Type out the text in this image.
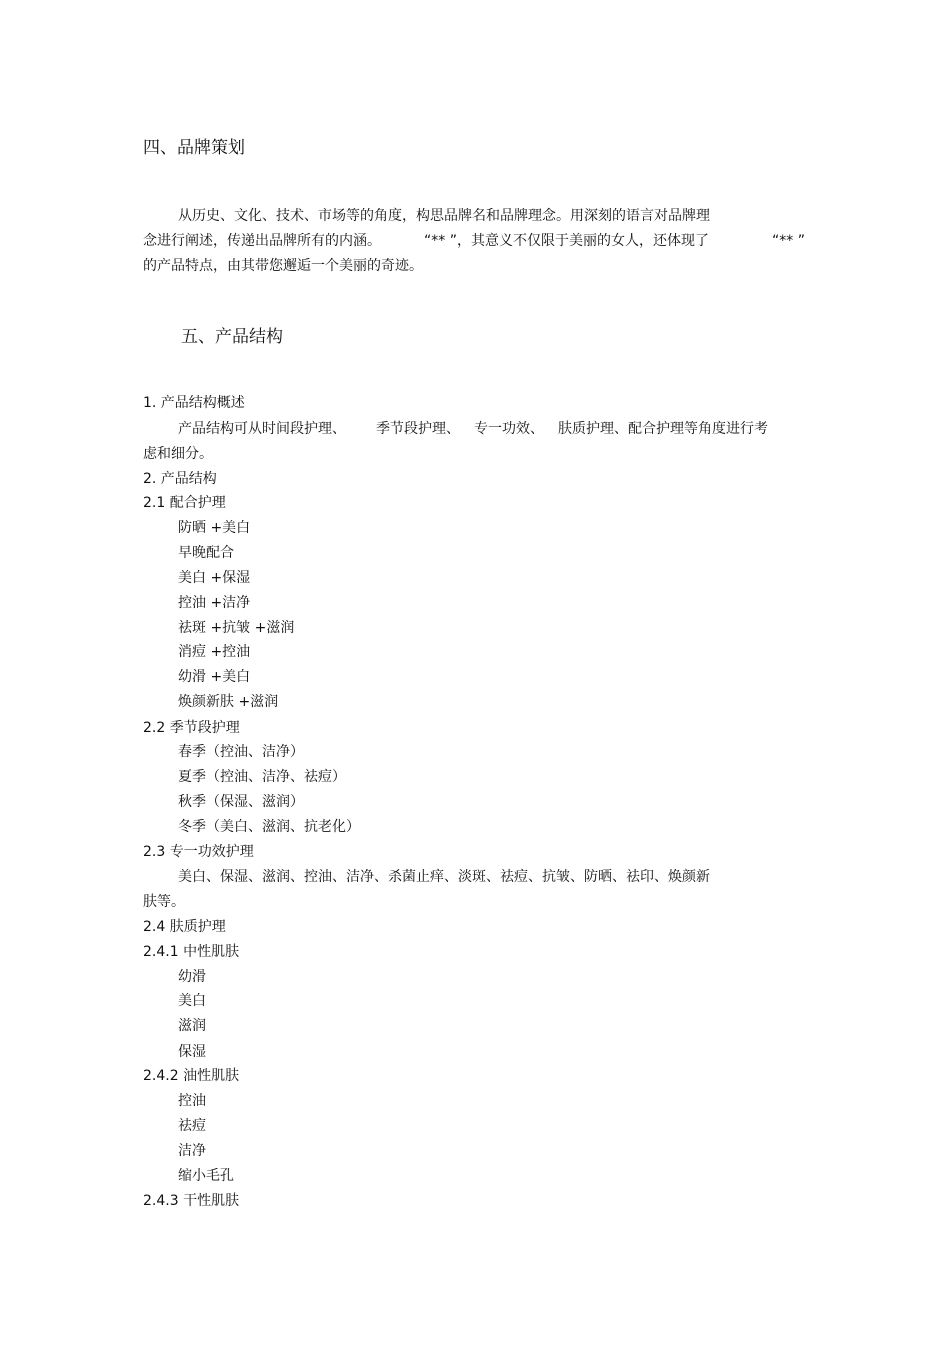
四、品牌策划
从历史、文化、技术、市场等的角度，构思品牌名和品牌理念。用深刻的语言对品牌理
念进行阐述，传递出品牌所有的内涵。	“** ”，其意义不仅限于美丽的女人，还体现了	“** ”
的产品特点，由其带您邂逅一个美丽的奇迹。
五、产品结构
1. 产品结构概述
产品结构可从时间段护理、 季节段护理、 专一功效、 肤质护理、配合护理等角度进行考
虑和细分。
2. 产品结构
2.1 配合护理
防晒 +美白
早晚配合
美白 +保湿
控油 +洁净
祛斑 +抗皱 +滋润
消痘 +控油
幼滑 +美白
焕颜新肤 +滋润
2.2 季节段护理
春季（控油、洁净）
夏季（控油、洁净、祛痘）
秋季（保湿、滋润）
冬季（美白、滋润、抗老化）
2.3 专一功效护理
美白、保湿、滋润、控油、洁净、杀菌止痒、淡斑、祛痘、抗皱、防晒、祛印、焕颜新
肤等。
2.4 肤质护理
2.4.1 中性肌肤
幼滑
美白
滋润
保湿
2.4.2 油性肌肤
控油
祛痘
洁净
缩小毛孔
2.4.3 干性肌肤
